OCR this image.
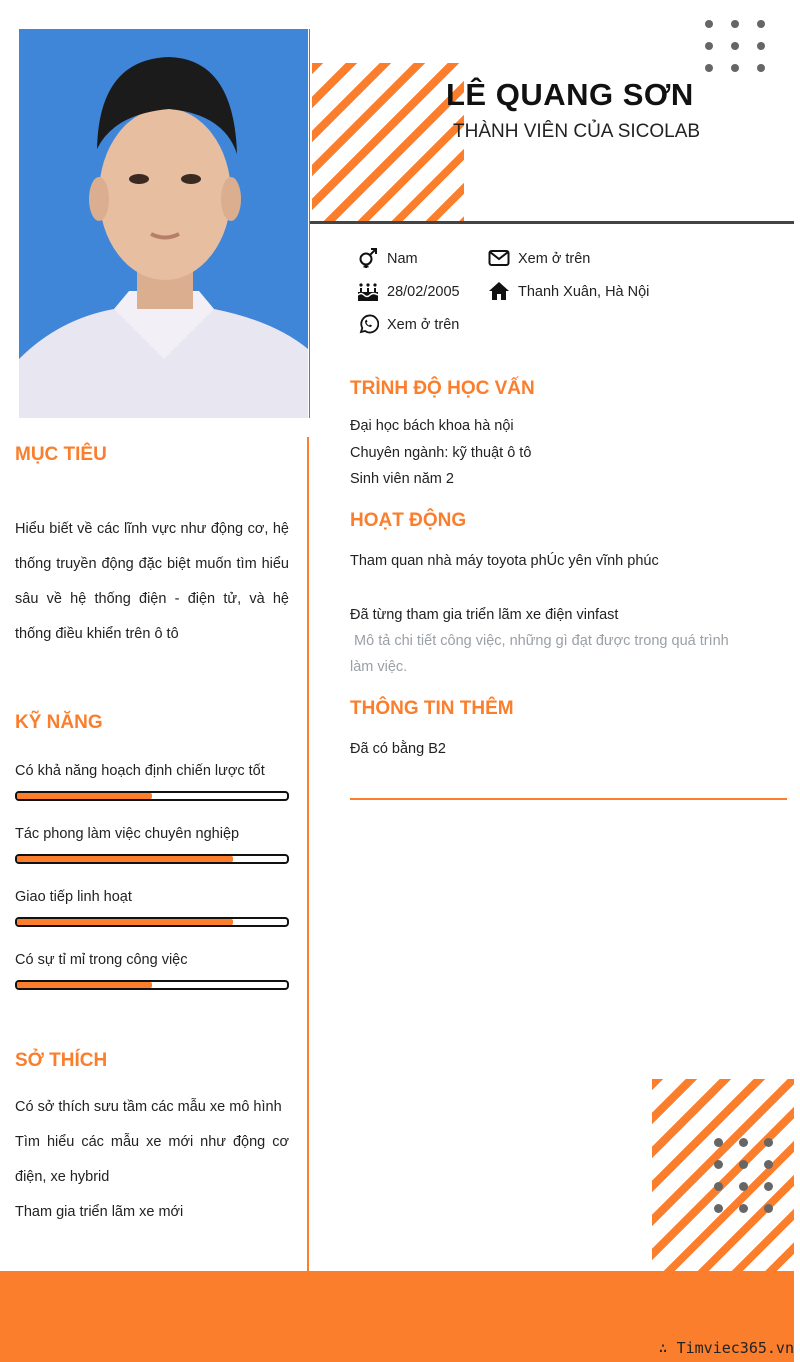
LÊ QUANG SƠN
THÀNH VIÊN CỦA SICOLAB
Nam	Xem ở trên
28/02/2005	Thanh Xuân, Hà Nội
Xem ở trên
MỤC TIÊU
Hiểu biết về các lĩnh vực như động cơ, hệ thống truyền động đặc biệt muốn tìm hiểu sâu về hệ thống điện - điện tử, và hệ thống điều khiển trên ô tô
KỸ NĂNG
Có khả năng hoạch định chiến lược tốt
Tác phong làm việc chuyên nghiệp
Giao tiếp linh hoạt
Có sự tỉ mỉ trong công việc
SỞ THÍCH
Có sở thích sưu tầm các mẫu xe mô hình
Tìm hiểu các mẫu xe mới như động cơ điện, xe hybrid
Tham gia triển lãm xe mới
TRÌNH ĐỘ HỌC VẤN
Đại học bách khoa hà nội
Chuyên ngành: kỹ thuật ô tô
Sinh viên năm 2
HOẠT ĐỘNG
Tham quan nhà máy toyota phÚc yên vĩnh phúc
Đã từng tham gia triển lãm xe điện vinfast
Mô tả chi tiết công việc, những gì đạt được trong quá trình
làm việc.
THÔNG TIN THÊM
Đã có bằng B2
∴ Timviec365.vn
